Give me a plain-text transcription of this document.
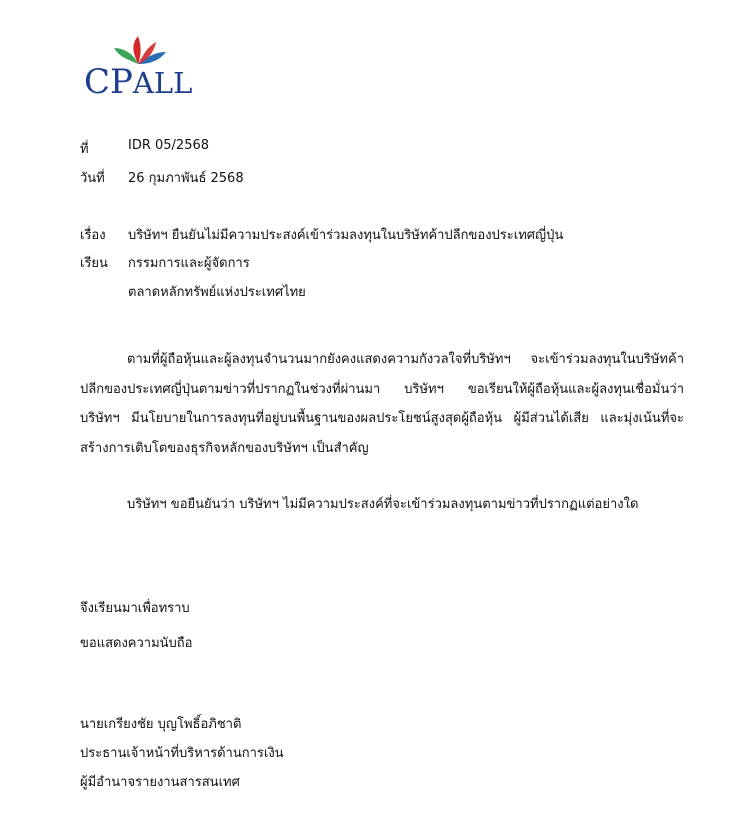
CPALL
ที่	IDR 05/2568
วันที่ 26 กุมภาพันธ์ 2568
เรื่อง บริษัทฯ ยืนยันไม่มีความประสงค์เข้าร่วมลงทุนในบริษัทค้าปลีกของประเทศญี่ปุ่น
เรียน กรรมการและผู้จัดการ
ตลาดหลักทรัพย์แห่งประเทศไทย
ตามที่ผู้ถือหุ้นและผู้ลงทุนจำนวนมากยังคงแสดงความกังวลใจที่บริษัทฯ จะเข้าร่วมลงทุนในบริษัทค้าปลีกของประเทศญี่ปุ่นตามข่าวที่ปรากฏในช่วงที่ผ่านมา บริษัทฯ ขอเรียนให้ผู้ถือหุ้นและผู้ลงทุนเชื่อมั่นว่า บริษัทฯ มีนโยบายในการลงทุนที่อยู่บนพื้นฐานของผลประโยชน์สูงสุดผู้ถือหุ้น ผู้มีส่วนได้เสีย และมุ่งเน้นที่จะสร้างการเติบโตของธุรกิจหลักของบริษัทฯ เป็นสำคัญ
บริษัทฯ ขอยืนยันว่า บริษัทฯ ไม่มีความประสงค์ที่จะเข้าร่วมลงทุนตามข่าวที่ปรากฏแต่อย่างใด
จึงเรียนมาเพื่อทราบ
ขอแสดงความนับถือ
นายเกรียงชัย บุญโพธิ์อภิชาติ
ประธานเจ้าหน้าที่บริหารด้านการเงิน
ผู้มีอำนาจรายงานสารสนเทศ
